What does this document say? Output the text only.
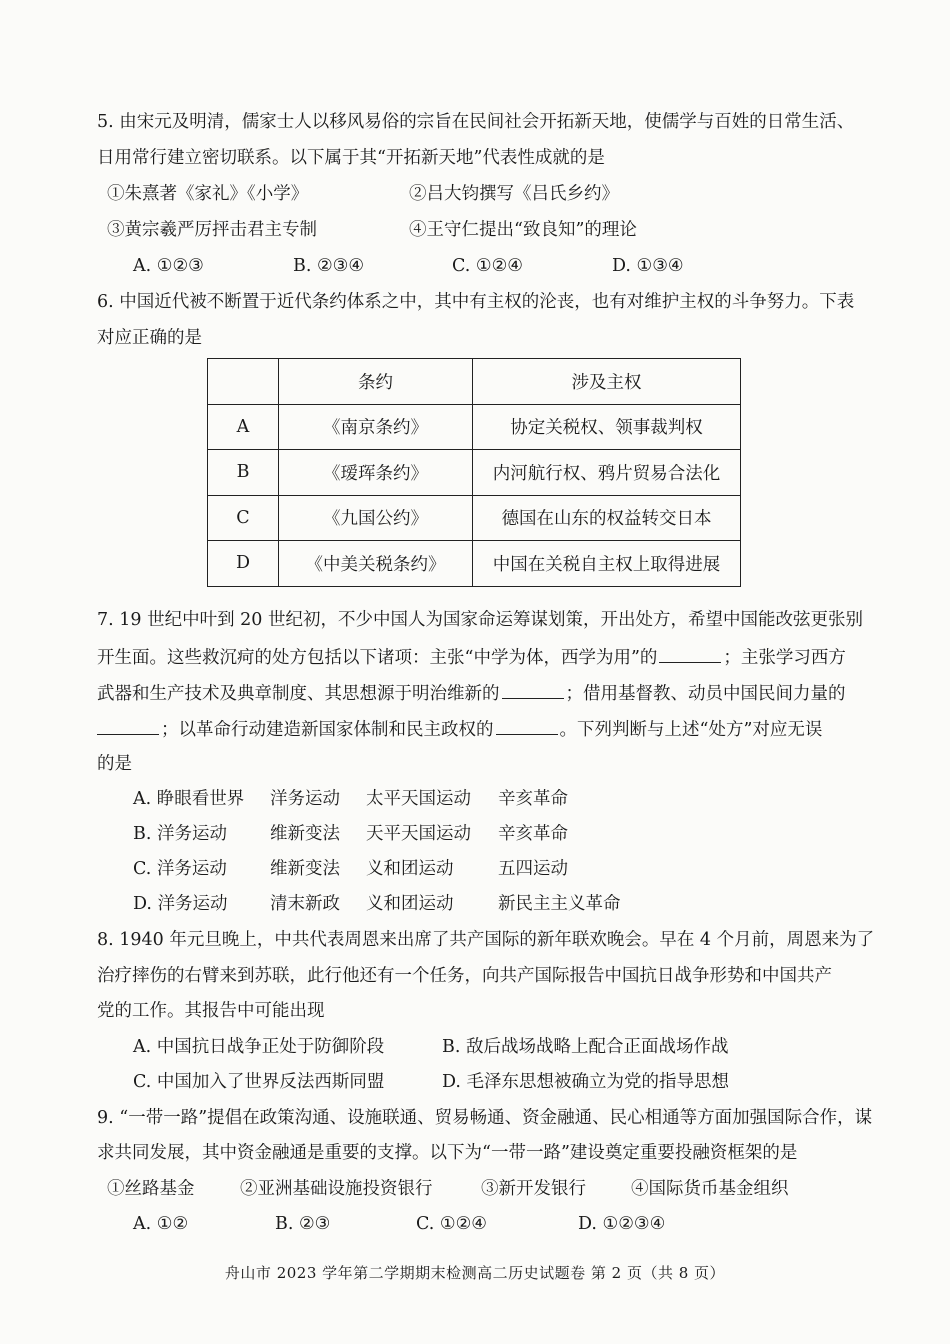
5. 由宋元及明清，儒家士人以移风易俗的宗旨在民间社会开拓新天地，使儒学与百姓的日常生活、
日用常行建立密切联系。以下属于其“开拓新天地”代表性成就的是
①朱熹著《家礼》《小学》	②吕大钧撰写《吕氏乡约》
③黄宗羲严厉抨击君主专制	④王守仁提出“致良知”的理论
A. ①②③	B. ②③④	C. ①②④	D. ①③④
6. 中国近代被不断置于近代条约体系之中，其中有主权的沦丧，也有对维护主权的斗争努力。下表
对应正确的是
	条约	涉及主权
A	《南京条约》	协定关税权、领事裁判权
B	《瑷珲条约》	内河航行权、鸦片贸易合法化
C	《九国公约》	德国在山东的权益转交日本
D	《中美关税条约》	中国在关税自主权上取得进展
7. 19 世纪中叶到 20 世纪初，不少中国人为国家命运筹谋划策，开出处方，希望中国能改弦更张别
开生面。这些救沉疴的处方包括以下诸项：主张“中学为体，西学为用”的	；主张学习西方
武器和生产技术及典章制度、其思想源于明治维新的	；借用基督教、动员中国民间力量的
；以革命行动建造新国家体制和民主政权的	。下列判断与上述“处方”对应无误
的是
A. 睁眼看世界 洋务运动 太平天国运动 辛亥革命
B. 洋务运动 维新变法 天平天国运动 辛亥革命
C. 洋务运动 维新变法 义和团运动	五四运动
D. 洋务运动 清末新政 义和团运动	新民主主义革命
8. 1940 年元旦晚上，中共代表周恩来出席了共产国际的新年联欢晚会。早在 4 个月前，周恩来为了
治疗摔伤的右臂来到苏联，此行他还有一个任务，向共产国际报告中国抗日战争形势和中国共产
党的工作。其报告中可能出现
A. 中国抗日战争正处于防御阶段	B. 敌后战场战略上配合正面战场作战
C. 中国加入了世界反法西斯同盟	D. 毛泽东思想被确立为党的指导思想
9. “一带一路”提倡在政策沟通、设施联通、贸易畅通、资金融通、民心相通等方面加强国际合作，谋
求共同发展，其中资金融通是重要的支撑。以下为“一带一路”建设奠定重要投融资框架的是
①丝路基金	②亚洲基础设施投资银行	③新开发银行	④国际货币基金组织
A. ①②	B. ②③	C. ①②④	D. ①②③④
舟山市 2023 学年第二学期期末检测高二历史试题卷 第 2 页（共 8 页）
